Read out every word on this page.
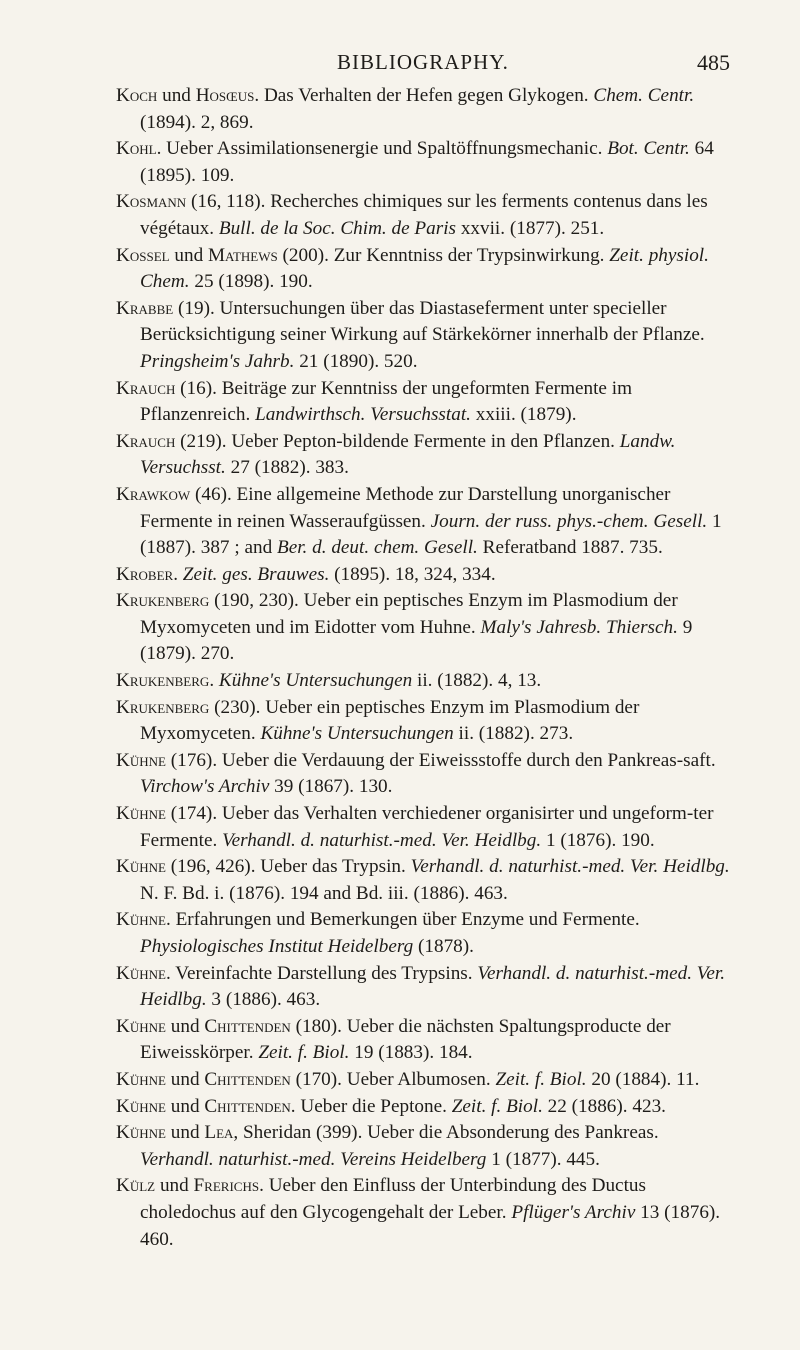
BIBLIOGRAPHY.	485

Koch und Hosœus. Das Verhalten der Hefen gegen Glykogen. Chem. Centr. (1894). 2, 869.

Kohl. Ueber Assimilationsenergie und Spaltöffnungsmechanic. Bot. Centr. 64 (1895). 109.

Kosmann (16, 118). Recherches chimiques sur les ferments contenus dans les végétaux. Bull. de la Soc. Chim. de Paris xxvii. (1877). 251.

Kossel und Mathews (200). Zur Kenntniss der Trypsinwirkung. Zeit. physiol. Chem. 25 (1898). 190.

Krabbe (19). Untersuchungen über das Diastaseferment unter specieller Berücksichtigung seiner Wirkung auf Stärkekörner innerhalb der Pflanze. Pringsheim's Jahrb. 21 (1890). 520.

Krauch (16). Beiträge zur Kenntniss der ungeformten Fermente im Pflanzenreich. Landwirthsch. Versuchsstat. xxiii. (1879).

Krauch (219). Ueber Pepton-bildende Fermente in den Pflanzen. Landw. Versuchsst. 27 (1882). 383.

Krawkow (46). Eine allgemeine Methode zur Darstellung unorganischer Fermente in reinen Wasseraufgüssen. Journ. der russ. phys.-chem. Gesell. 1 (1887). 387 ; and Ber. d. deut. chem. Gesell. Referatband 1887. 735.

Krober. Zeit. ges. Brauwes. (1895). 18, 324, 334.

Krukenberg (190, 230). Ueber ein peptisches Enzym im Plasmodium der Myxomyceten und im Eidotter vom Huhne. Maly's Jahresb. Thiersch. 9 (1879). 270.

Krukenberg. Kühne's Untersuchungen ii. (1882). 4, 13.

Krukenberg (230). Ueber ein peptisches Enzym im Plasmodium der Myxomyceten. Kühne's Untersuchungen ii. (1882). 273.

Kühne (176). Ueber die Verdauung der Eiweissstoffe durch den Pankreas-saft. Virchow's Archiv 39 (1867). 130.

Kühne (174). Ueber das Verhalten verchiedener organisirter und ungeform-ter Fermente. Verhandl. d. naturhist.-med. Ver. Heidlbg. 1 (1876). 190.

Kühne (196, 426). Ueber das Trypsin. Verhandl. d. naturhist.-med. Ver. Heidlbg. N. F. Bd. i. (1876). 194 and Bd. iii. (1886). 463.

Kühne. Erfahrungen und Bemerkungen über Enzyme und Fermente. Physiologisches Institut Heidelberg (1878).

Kühne. Vereinfachte Darstellung des Trypsins. Verhandl. d. naturhist.-med. Ver. Heidlbg. 3 (1886). 463.

Kühne und Chittenden (180). Ueber die nächsten Spaltungsproducte der Eiweisskörper. Zeit. f. Biol. 19 (1883). 184.

Kühne und Chittenden (170). Ueber Albumosen. Zeit. f. Biol. 20 (1884). 11.

Kühne und Chittenden. Ueber die Peptone. Zeit. f. Biol. 22 (1886). 423.

Kühne und Lea, Sheridan (399). Ueber die Absonderung des Pankreas. Verhandl. naturhist.-med. Vereins Heidelberg 1 (1877). 445.

Külz und Frerichs. Ueber den Einfluss der Unterbindung des Ductus choledochus auf den Glycogengehalt der Leber. Pflüger's Archiv 13 (1876). 460.
